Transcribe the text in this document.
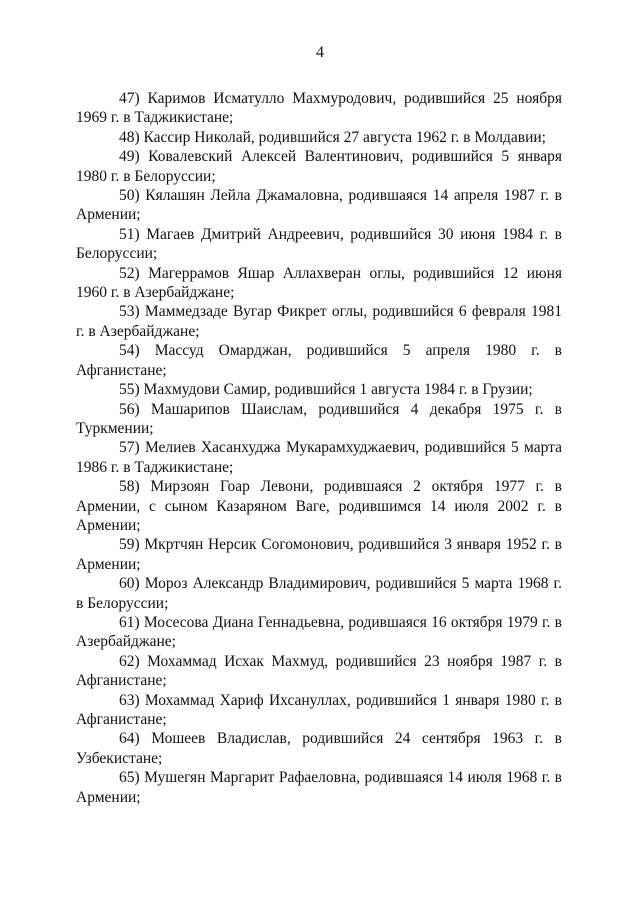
4

47) Каримов Исматулло Махмуродович, родившийся 25 ноября 1969 г. в Таджикистане;

48) Кассир Николай, родившийся 27 августа 1962 г. в Молдавии;

49) Ковалевский Алексей Валентинович, родившийся 5 января 1980 г. в Белоруссии;

50) Кялашян Лейла Джамаловна, родившаяся 14 апреля 1987 г. в Армении;

51) Магаев Дмитрий Андреевич, родившийся 30 июня 1984 г. в Белоруссии;

52) Магеррамов Яшар Аллахверан оглы, родившийся 12 июня 1960 г. в Азербайджане;

53) Маммедзаде Вугар Фикрет оглы, родившийся 6 февраля 1981 г. в Азербайджане;

54) Массуд Омарджан, родившийся 5 апреля 1980 г. в Афганистане;

55) Махмудови Самир, родившийся 1 августа 1984 г. в Грузии;

56) Машарипов Шаислам, родившийся 4 декабря 1975 г. в Туркмении;

57) Мелиев Хасанхуджа Мукарамхуджаевич, родившийся 5 марта 1986 г. в Таджикистане;

58) Мирзоян Гоар Левони, родившаяся 2 октября 1977 г. в Армении, с сыном Казаряном Ваге, родившимся 14 июля 2002 г. в Армении;

59) Мкртчян Нерсик Согомонович, родившийся 3 января 1952 г. в Армении;

60) Мороз Александр Владимирович, родившийся 5 марта 1968 г. в Белоруссии;

61) Мосесова Диана Геннадьевна, родившаяся 16 октября 1979 г. в Азербайджане;

62) Мохаммад Исхак Махмуд, родившийся 23 ноября 1987 г. в Афганистане;

63) Мохаммад Хариф Ихсануллах, родившийся 1 января 1980 г. в Афганистане;

64) Мошеев Владислав, родившийся 24 сентября 1963 г. в Узбекистане;

65) Мушегян Маргарит Рафаеловна, родившаяся 14 июля 1968 г. в Армении;
